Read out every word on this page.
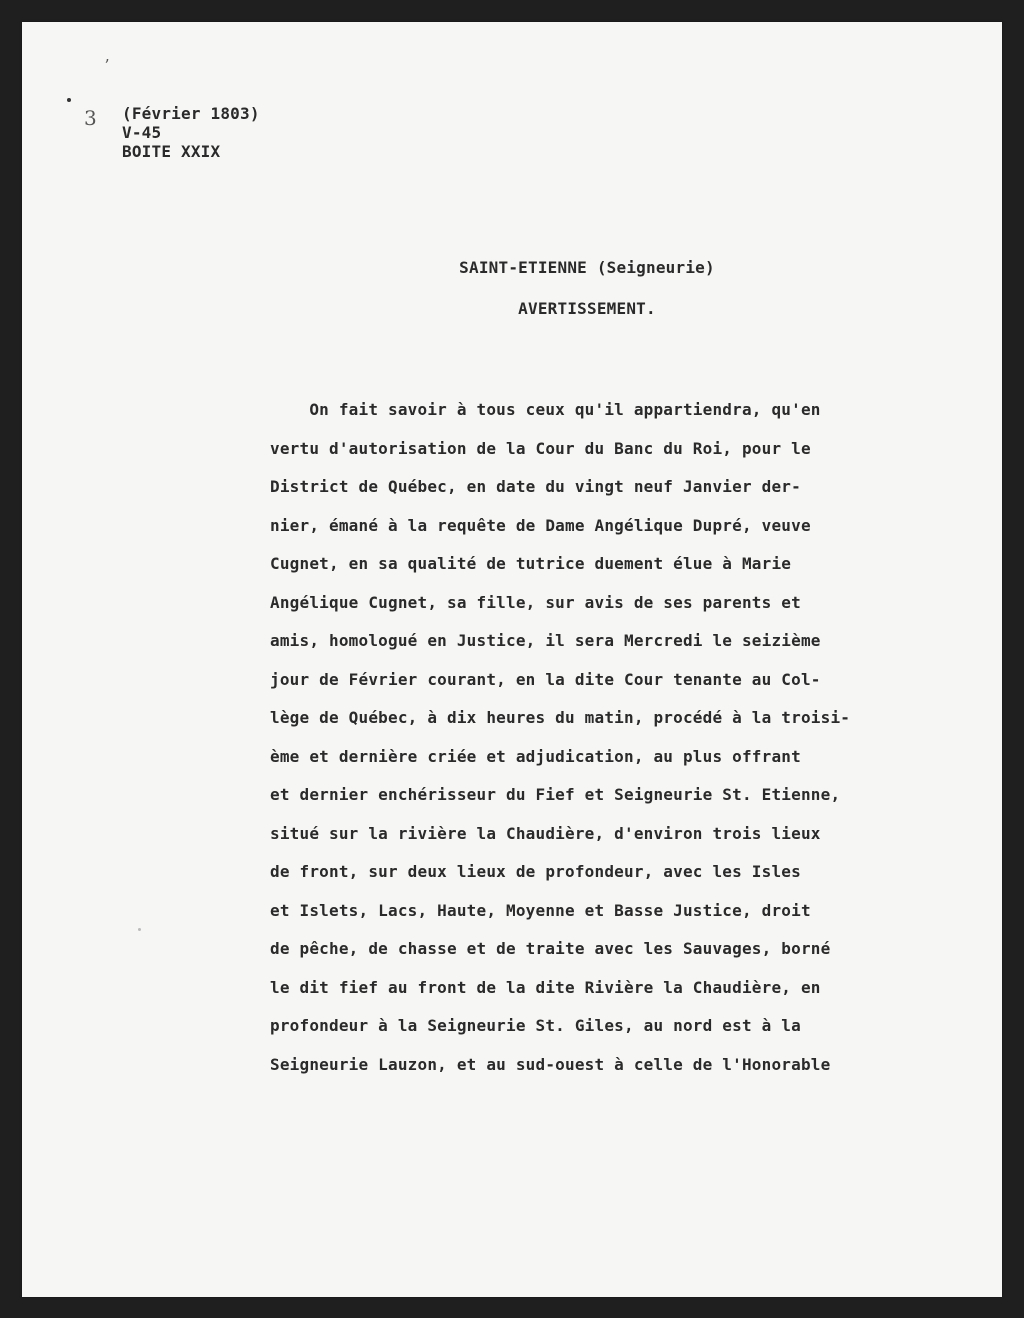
ʼ
3 (Février 1803)
V-45
BOITE XXIX
SAINT-ETIENNE (Seigneurie)
AVERTISSEMENT.
On fait savoir à tous ceux qu'il appartiendra, qu'en
vertu d'autorisation de la Cour du Banc du Roi, pour le
District de Québec, en date du vingt neuf Janvier der-
nier, émané à la requête de Dame Angélique Dupré, veuve
Cugnet, en sa qualité de tutrice duement élue à Marie
Angélique Cugnet, sa fille, sur avis de ses parents et
amis, homologué en Justice, il sera Mercredi le seizième
jour de Février courant, en la dite Cour tenante au Col-
lège de Québec, à dix heures du matin, procédé à la troisi-
ème et dernière criée et adjudication, au plus offrant
et dernier enchérisseur du Fief et Seigneurie St. Etienne,
situé sur la rivière la Chaudière, d'environ trois lieux
de front, sur deux lieux de profondeur, avec les Isles
et Islets, Lacs, Haute, Moyenne et Basse Justice, droit
de pêche, de chasse et de traite avec les Sauvages, borné
le dit fief au front de la dite Rivière la Chaudière, en
profondeur à la Seigneurie St. Giles, au nord est à la
Seigneurie Lauzon, et au sud-ouest à celle de l'Honorable
